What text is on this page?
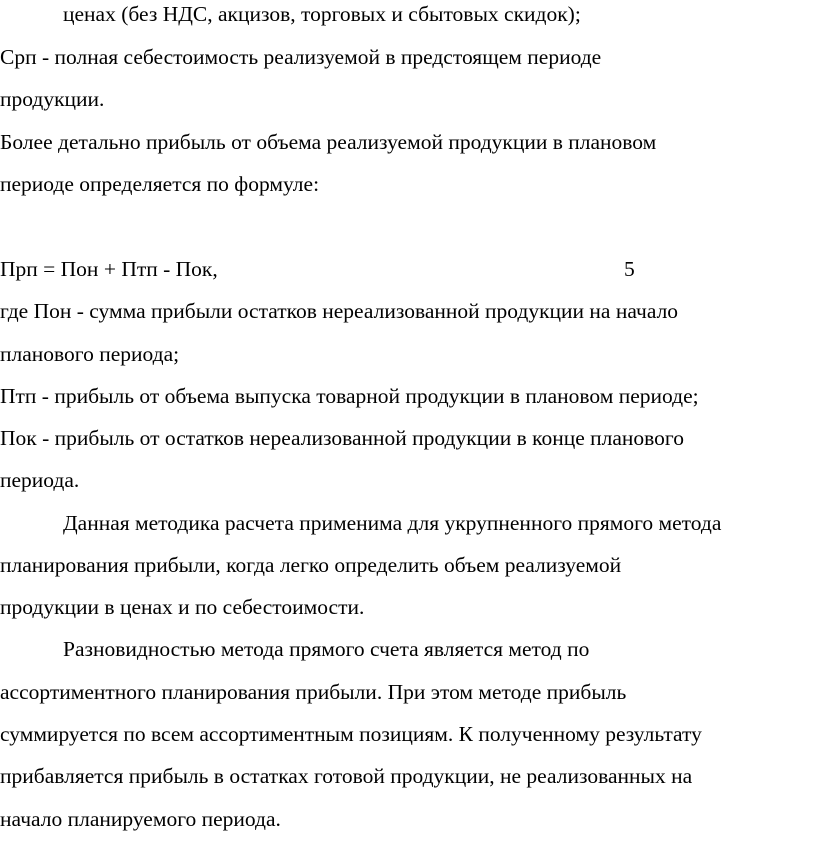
ценах (без НДС, акцизов, торговых и сбытовых скидок);
Срп - полная себестоимость реализуемой в предстоящем периоде
продукции.
Более детально прибыль от объема реализуемой продукции в плановом
периоде определяется по формуле:
Прп = Пон + Птп - Пок,	5
где Пон - сумма прибыли остатков нереализованной продукции на начало
планового периода;
Птп - прибыль от объема выпуска товарной продукции в плановом периоде;
Пок - прибыль от остатков нереализованной продукции в конце планового
периода.
Данная методика расчета применима для укрупненного прямого метода
планирования прибыли, когда легко определить объем реализуемой
продукции в ценах и по себестоимости.
Разновидностью метода прямого счета является метод по
ассортиментного планирования прибыли. При этом методе прибыль
суммируется по всем ассортиментным позициям. К полученному результату
прибавляется прибыль в остатках готовой продукции, не реализованных на
начало планируемого периода.
